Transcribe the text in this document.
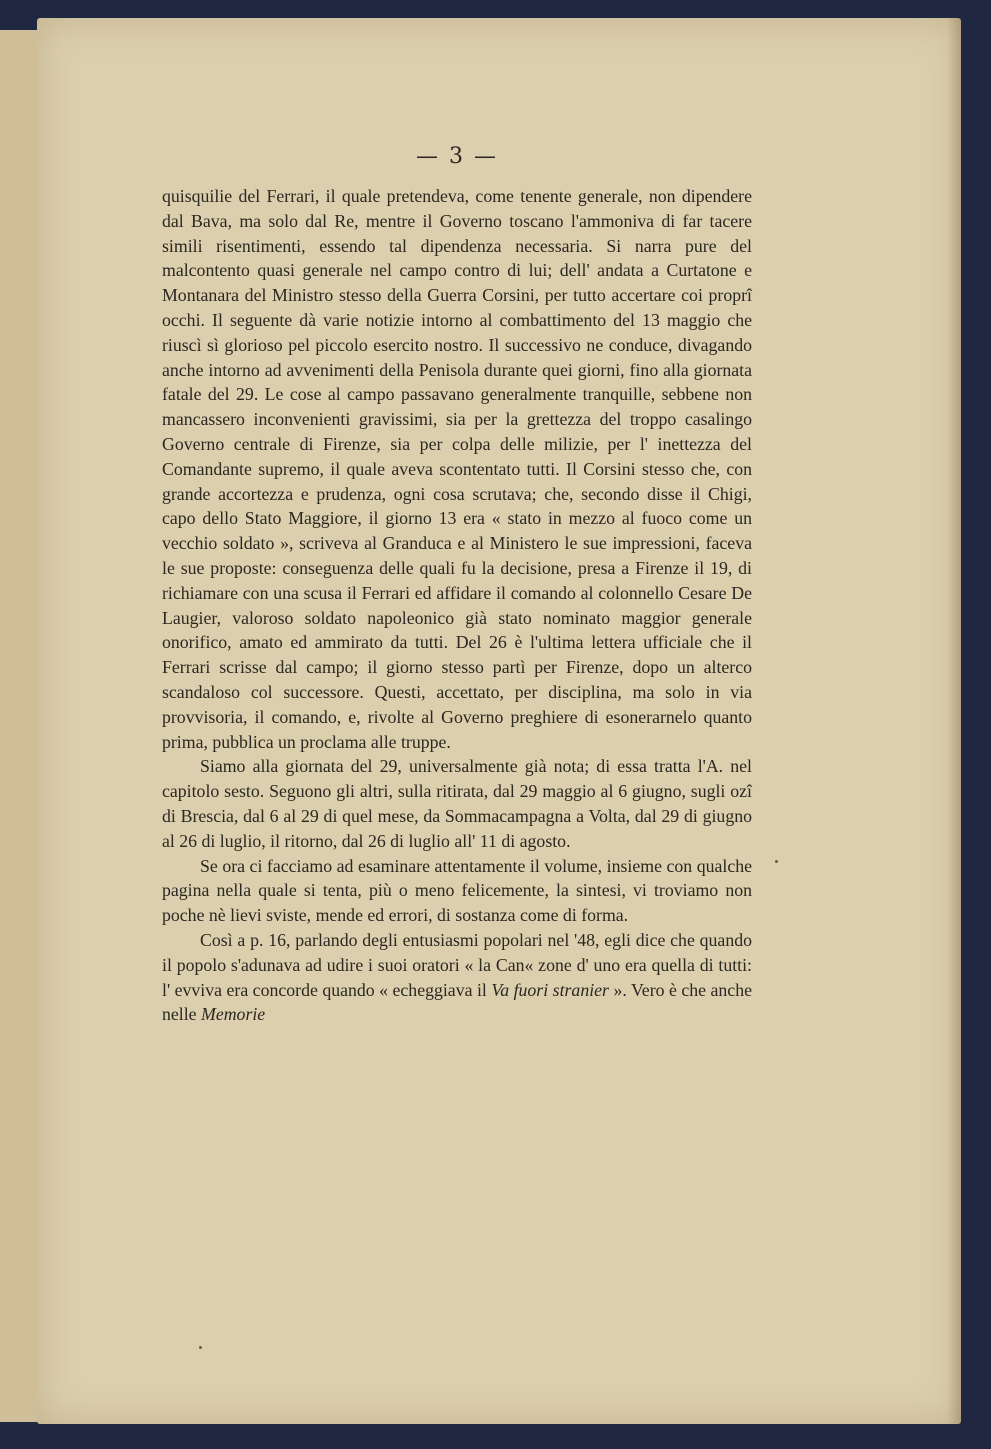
— 3 —

quisquilie del Ferrari, il quale pretendeva, come tenente generale, non dipendere dal Bava, ma solo dal Re, mentre il Governo toscano l'ammoniva di far tacere simili risentimenti, essendo tal dipendenza necessaria. Si narra pure del malcontento quasi generale nel campo contro di lui; dell' andata a Curtatone e Montanara del Ministro stesso della Guerra Corsini, per tutto accertare coi proprî occhi. Il seguente dà varie notizie intorno al combattimento del 13 maggio che riuscì sì glorioso pel piccolo esercito nostro. Il successivo ne conduce, divagando anche intorno ad avvenimenti della Penisola durante quei giorni, fino alla giornata fatale del 29. Le cose al campo passavano generalmente tranquille, sebbene non mancassero inconvenienti gravissimi, sia per la grettezza del troppo casalingo Governo centrale di Firenze, sia per colpa delle milizie, per l' inettezza del Comandante supremo, il quale aveva scontentato tutti. Il Corsini stesso che, con grande accortezza e prudenza, ogni cosa scrutava; che, secondo disse il Chigi, capo dello Stato Maggiore, il giorno 13 era « stato in mezzo al fuoco come un vecchio soldato », scriveva al Granduca e al Ministero le sue impressioni, faceva le sue proposte: conseguenza delle quali fu la decisione, presa a Firenze il 19, di richiamare con una scusa il Ferrari ed affidare il comando al colonnello Cesare De Laugier, valoroso soldato napoleonico già stato nominato maggior generale onorifico, amato ed ammirato da tutti. Del 26 è l'ultima lettera ufficiale che il Ferrari scrisse dal campo; il giorno stesso partì per Firenze, dopo un alterco scandaloso col successore. Questi, accettato, per disciplina, ma solo in via provvisoria, il comando, e, rivolte al Governo preghiere di esonerarnelo quanto prima, pubblica un proclama alle truppe.

Siamo alla giornata del 29, universalmente già nota; di essa tratta l'A. nel capitolo sesto. Seguono gli altri, sulla ritirata, dal 29 maggio al 6 giugno, sugli ozî di Brescia, dal 6 al 29 di quel mese, da Sommacampagna a Volta, dal 29 di giugno al 26 di luglio, il ritorno, dal 26 di luglio all' 11 di agosto.

Se ora ci facciamo ad esaminare attentamente il volume, insieme con qualche pagina nella quale si tenta, più o meno felicemente, la sintesi, vi troviamo non poche nè lievi sviste, mende ed errori, di sostanza come di forma.

Così a p. 16, parlando degli entusiasmi popolari nel '48, egli dice che quando il popolo s'adunava ad udire i suoi oratori « la Can« zone d' uno era quella di tutti: l' evviva era concorde quando « echeggiava il Va fuori stranier ». Vero è che anche nelle Memorie
